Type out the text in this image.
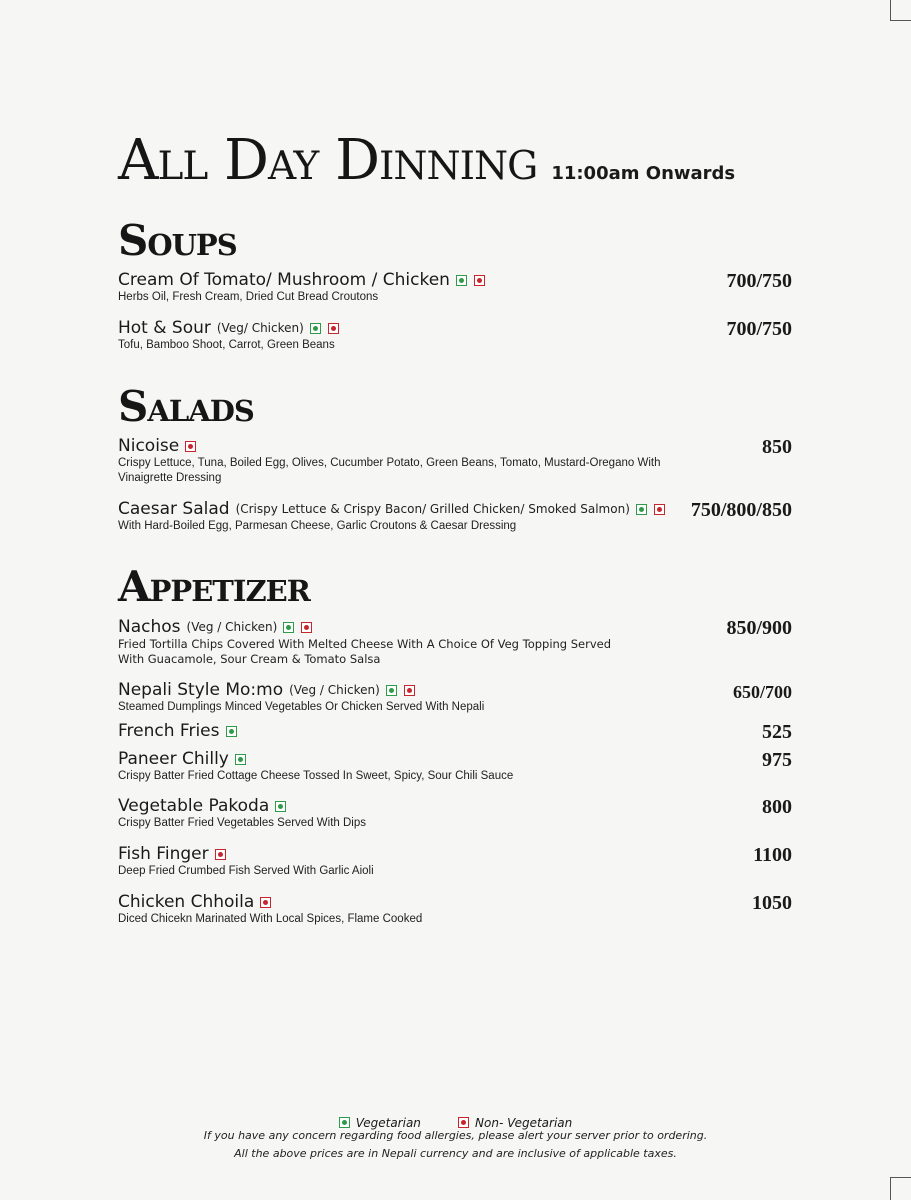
All Day Dinning 11:00am Onwards
Soups
Cream Of Tomato/ Mushroom / Chicken
Herbs Oil, Fresh Cream, Dried Cut Bread Croutons
700/750
Hot & Sour (Veg/ Chicken)
Tofu, Bamboo Shoot, Carrot, Green Beans
700/750
Salads
Nicoise
Crispy Lettuce, Tuna, Boiled Egg, Olives, Cucumber Potato, Green Beans, Tomato, Mustard-Oregano With Vinaigrette Dressing
850
Caesar Salad (Crispy Lettuce & Crispy Bacon/ Grilled Chicken/ Smoked Salmon)
With Hard-Boiled Egg, Parmesan Cheese, Garlic Croutons & Caesar Dressing
750/800/850
Appetizer
Nachos (Veg / Chicken)
Fried Tortilla Chips Covered With Melted Cheese With A Choice Of Veg Topping Served With Guacamole, Sour Cream & Tomato Salsa
850/900
Nepali Style Mo:mo (Veg / Chicken)
Steamed Dumplings Minced Vegetables Or Chicken Served With Nepali
650/700
French Fries	525
Paneer Chilly
Crispy Batter Fried Cottage Cheese Tossed In Sweet, Spicy, Sour Chili Sauce
975
Vegetable Pakoda
Crispy Batter Fried Vegetables Served With Dips
800
Fish Finger
Deep Fried Crumbed Fish Served With Garlic Aioli
1100
Chicken Chhoila
Diced Chicekn Marinated With Local Spices, Flame Cooked
1050
Vegetarian
	Non- Vegetarian
If you have any concern regarding food allergies, please alert your server prior to ordering.
All the above prices are in Nepali currency and are inclusive of applicable taxes.
